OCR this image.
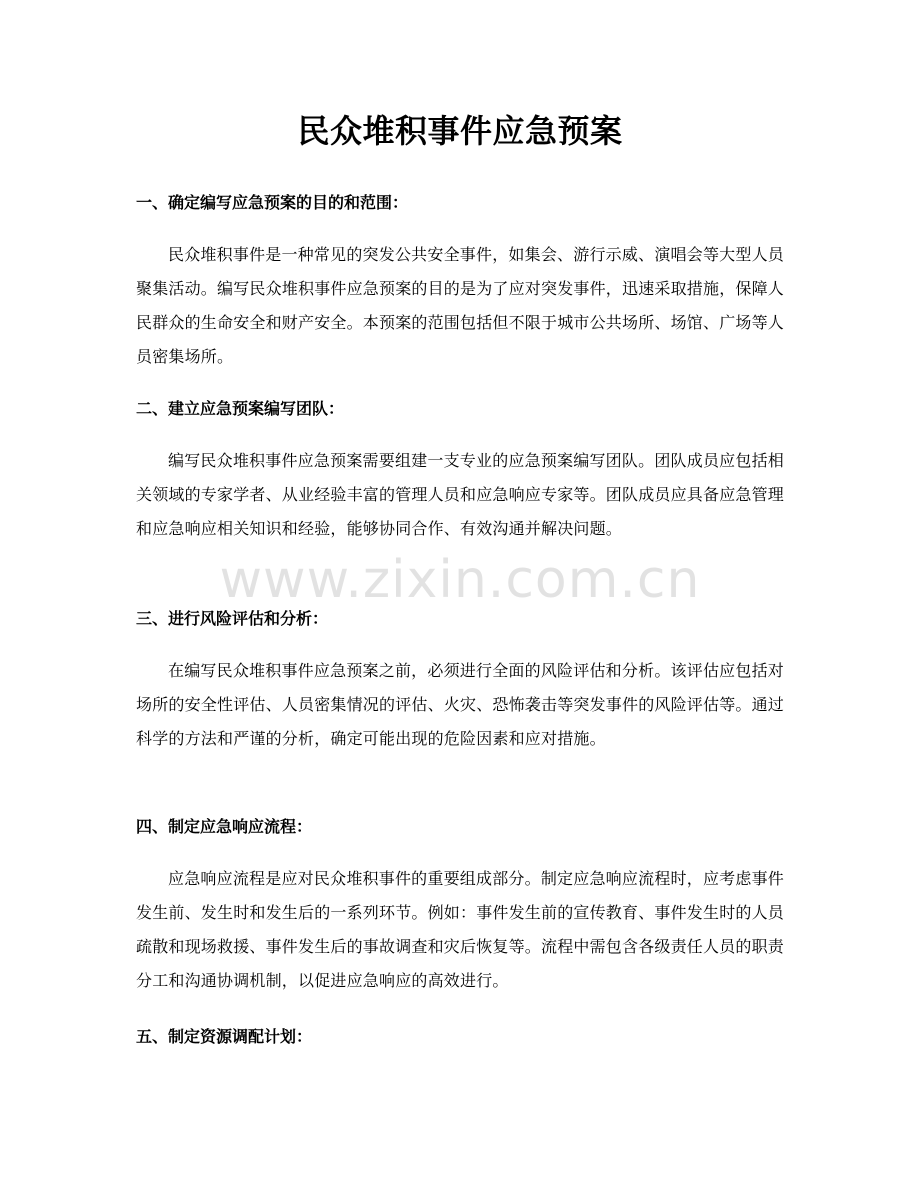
民众堆积事件应急预案
一、确定编写应急预案的目的和范围：

民众堆积事件是一种常见的突发公共安全事件，如集会、游行示威、演唱会等大型人员聚集活动。编写民众堆积事件应急预案的目的是为了应对突发事件，迅速采取措施，保障人民群众的生命安全和财产安全。本预案的范围包括但不限于城市公共场所、场馆、广场等人员密集场所。

二、建立应急预案编写团队：

编写民众堆积事件应急预案需要组建一支专业的应急预案编写团队。团队成员应包括相关领域的专家学者、从业经验丰富的管理人员和应急响应专家等。团队成员应具备应急管理和应急响应相关知识和经验，能够协同合作、有效沟通并解决问题。

三、进行风险评估和分析：

在编写民众堆积事件应急预案之前，必须进行全面的风险评估和分析。该评估应包括对场所的安全性评估、人员密集情况的评估、火灾、恐怖袭击等突发事件的风险评估等。通过科学的方法和严谨的分析，确定可能出现的危险因素和应对措施。

四、制定应急响应流程：

应急响应流程是应对民众堆积事件的重要组成部分。制定应急响应流程时，应考虑事件发生前、发生时和发生后的一系列环节。例如：事件发生前的宣传教育、事件发生时的人员疏散和现场救援、事件发生后的事故调查和灾后恢复等。流程中需包含各级责任人员的职责分工和沟通协调机制，以促进应急响应的高效进行。

五、制定资源调配计划：
www.zixin.com.cn
